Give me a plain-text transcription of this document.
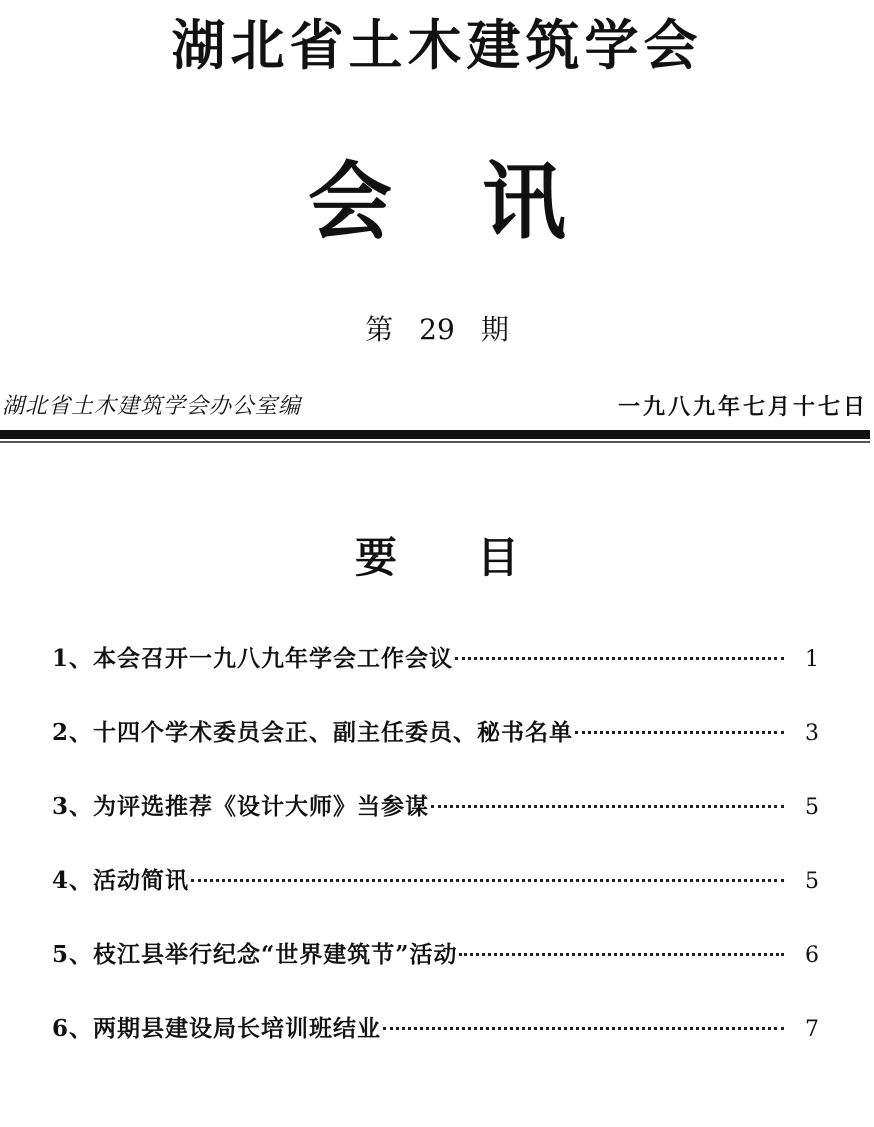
湖北省土木建筑学会
会讯
第 29 期
湖北省土木建筑学会办公室编	一九八九年七月十七日
要目
1、本会召开一九八九年学会工作会议	1
2、十四个学术委员会正、副主任委员、秘书名单	3
3、为评选推荐《设计大师》当参谋	5
4、活动简讯	5
5、枝江县举行纪念“世界建筑节”活动	6
6、两期县建设局长培训班结业	7
